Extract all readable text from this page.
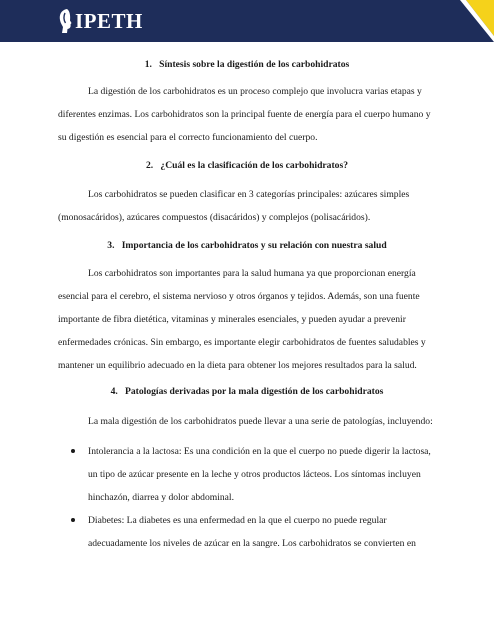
IPETH
1.   Síntesis sobre la digestión de los carbohidratos

La digestión de los carbohidratos es un proceso complejo que involucra varias etapas y diferentes enzimas. Los carbohidratos son la principal fuente de energía para el cuerpo humano y su digestión es esencial para el correcto funcionamiento del cuerpo.

2.   ¿Cuál es la clasificación de los carbohidratos?

Los carbohidratos se pueden clasificar en 3 categorías principales: azúcares simples (monosacáridos), azúcares compuestos (disacáridos) y complejos (polisacáridos).

3.   Importancia de los carbohidratos y su relación con nuestra salud

Los carbohidratos son importantes para la salud humana ya que proporcionan energía esencial para el cerebro, el sistema nervioso y otros órganos y tejidos. Además, son una fuente importante de fibra dietética, vitaminas y minerales esenciales, y pueden ayudar a prevenir enfermedades crónicas. Sin embargo, es importante elegir carbohidratos de fuentes saludables y mantener un equilibrio adecuado en la dieta para obtener los mejores resultados para la salud.

4.   Patologías derivadas por la mala digestión de los carbohidratos

La mala digestión de los carbohidratos puede llevar a una serie de patologías, incluyendo:

Intolerancia a la lactosa: Es una condición en la que el cuerpo no puede digerir la lactosa, un tipo de azúcar presente en la leche y otros productos lácteos. Los síntomas incluyen hinchazón, diarrea y dolor abdominal.
Diabetes: La diabetes es una enfermedad en la que el cuerpo no puede regular adecuadamente los niveles de azúcar en la sangre. Los carbohidratos se convierten en
